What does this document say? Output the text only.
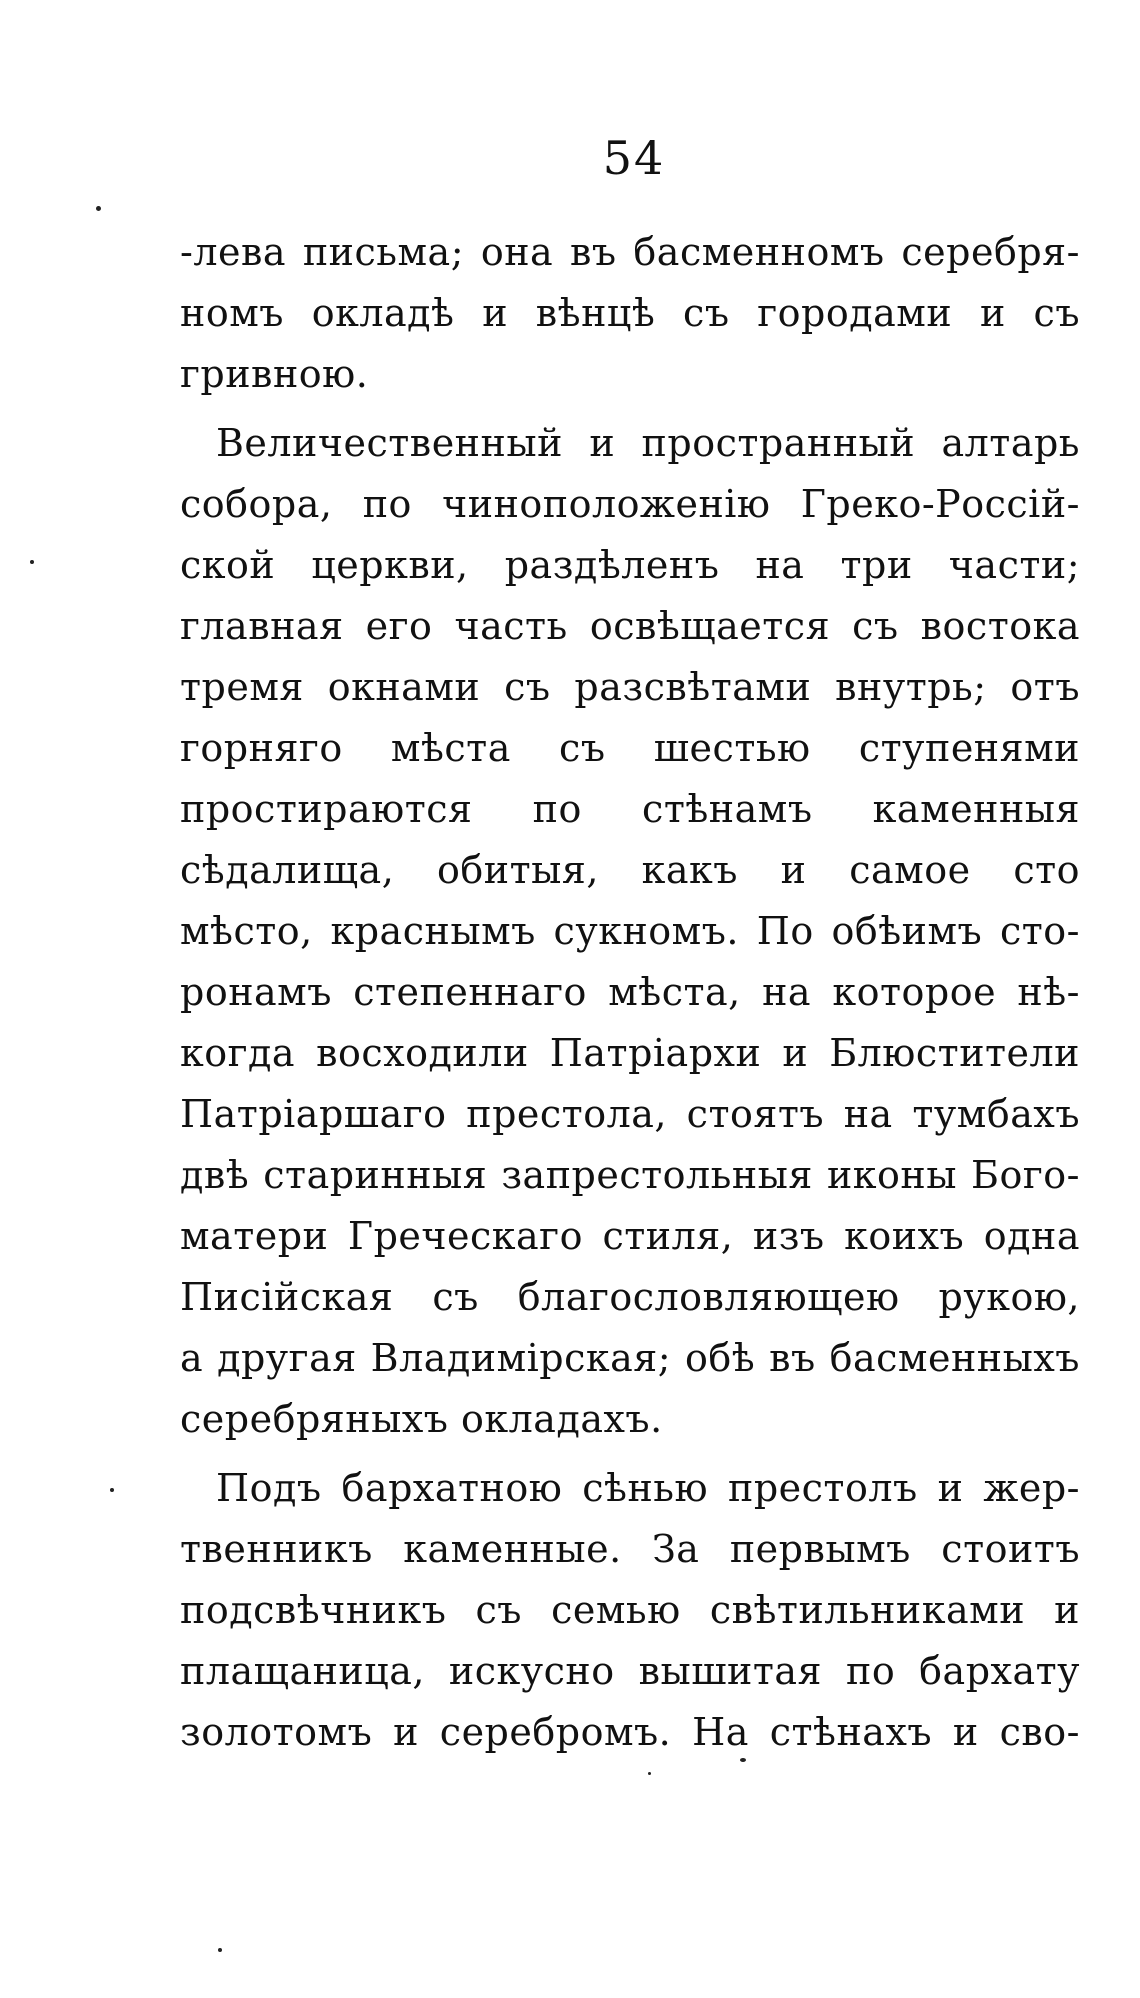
54
-лева письма; она въ басменномъ серебря-
номъ окладѣ и вѣнцѣ съ городами и съ
гривною.
Величественный и пространный алтарь
собора, по чиноположенію Греко-Россій-
ской церкви, раздѣленъ на три части;
главная его часть освѣщается съ востока
тремя окнами съ разсвѣтами внутрь; отъ
горняго мѣста съ шестью ступенями
простираются по стѣнамъ каменныя
сѣдалища, обитыя, какъ и самое сто
мѣсто, краснымъ сукномъ. По обѣимъ сто-
ронамъ степеннаго мѣста, на которое нѣ-
когда восходили Патріархи и Блюстители
Патріаршаго престола, стоятъ на тумбахъ
двѣ старинныя запрестольныя иконы Бого-
матери Греческаго стиля, изъ коихъ одна
Писійская съ благословляющею рукою,
а другая Владимірская; обѣ въ басменныхъ
серебряныхъ окладахъ.
Подъ бархатною сѣнью престолъ и жер-
твенникъ каменные. За первымъ стоитъ
подсвѣчникъ съ семью свѣтильниками и
плащаница, искусно вышитая по бархату
золотомъ и серебромъ. На стѣнахъ и сво-
